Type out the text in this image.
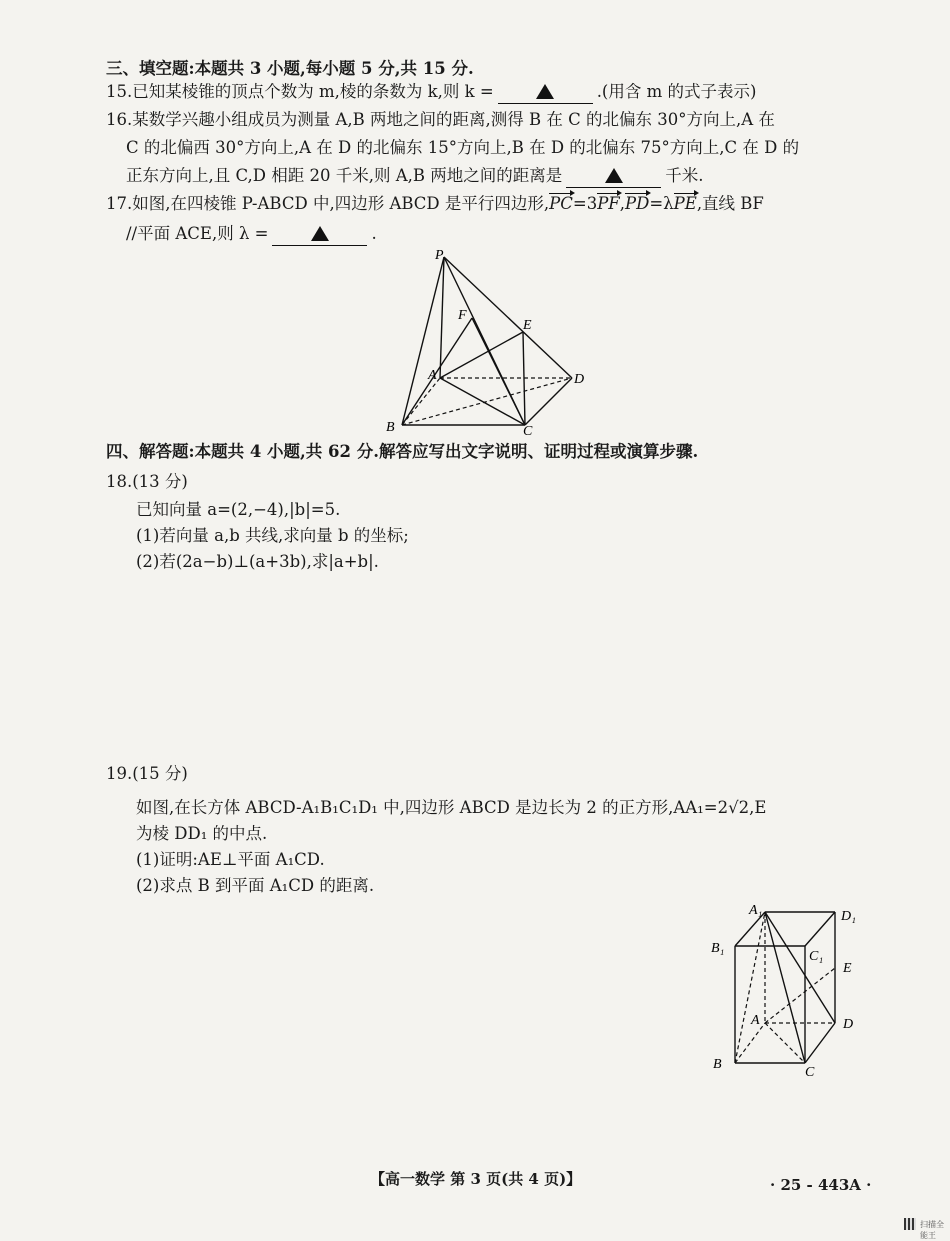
三、填空题:本题共 3 小题,每小题 5 分,共 15 分.
15.已知某棱锥的顶点个数为 m,棱的条数为 k,则 k =	.(用含 m 的式子表示)
16.某数学兴趣小组成员为测量 A,B 两地之间的距离,测得 B 在 C 的北偏东 30°方向上,A 在
C 的北偏西 30°方向上,A 在 D 的北偏东 15°方向上,B 在 D 的北偏东 75°方向上,C 在 D 的
正东方向上,且 C,D 相距 20 千米,则 A,B 两地之间的距离是	千米.
17.如图,在四棱锥 P-ABCD 中,四边形 ABCD 是平行四边形,PC=3PF,PD=λPE,直线 BF
//平面 ACE,则 λ =	.
P
F
E
A	D
B	C
四、解答题:本题共 4 小题,共 62 分.解答应写出文字说明、证明过程或演算步骤.
18.(13 分)
已知向量 a=(2,−4),|b|=5.
(1)若向量 a,b 共线,求向量 b 的坐标;
(2)若(2a−b)⊥(a+3b),求|a+b|.
19.(15 分)
如图,在长方体 ABCD-A₁B₁C₁D₁ 中,四边形 ABCD 是边长为 2 的正方形,AA₁=2√2,E
为棱 DD₁ 的中点.
(1)证明:AE⊥平面 A₁CD.
(2)求点 B 到平面 A₁CD 的距离.
A₁	D₁
B₁
C₁
E
A	D
B
C
【高一数学 第 3 页(共 4 页)】	· 25 - 443A ·
扫描全能王
